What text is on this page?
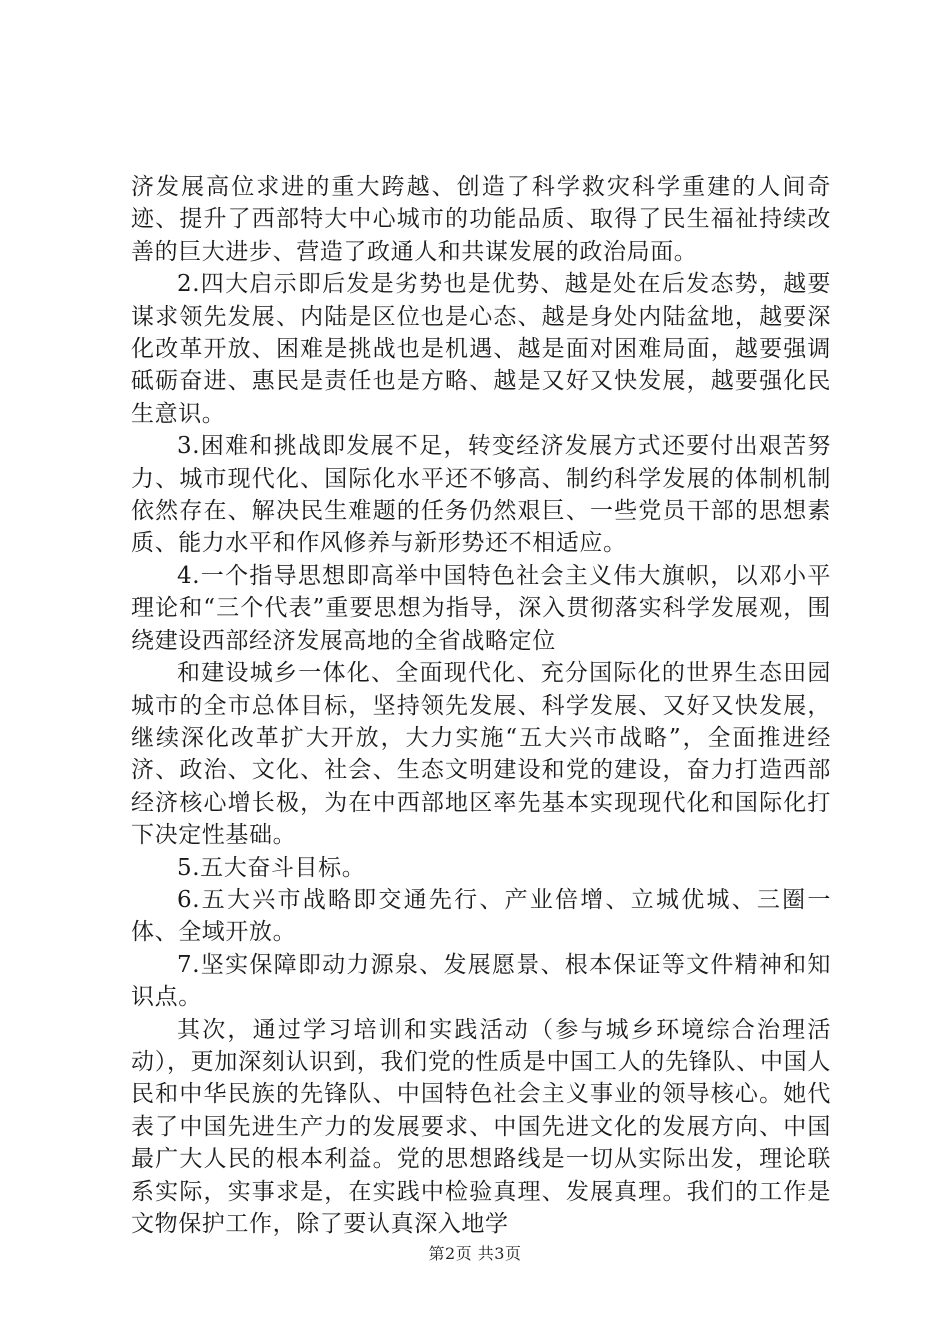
济发展高位求进的重大跨越、创造了科学救灾科学重建的人间奇迹、提升了西部特大中心城市的功能品质、取得了民生福祉持续改善的巨大进步、营造了政通人和共谋发展的政治局面。

2.四大启示即后发是劣势也是优势、越是处在后发态势，越要谋求领先发展、内陆是区位也是心态、越是身处内陆盆地，越要深化改革开放、困难是挑战也是机遇、越是面对困难局面，越要强调砥砺奋进、惠民是责任也是方略、越是又好又快发展，越要强化民生意识。

3.困难和挑战即发展不足，转变经济发展方式还要付出艰苦努力、城市现代化、国际化水平还不够高、制约科学发展的体制机制依然存在、解决民生难题的任务仍然艰巨、一些党员干部的思想素质、能力水平和作风修养与新形势还不相适应。

4.一个指导思想即高举中国特色社会主义伟大旗帜，以邓小平理论和“三个代表”重要思想为指导，深入贯彻落实科学发展观，围绕建设西部经济发展高地的全省战略定位

和建设城乡一体化、全面现代化、充分国际化的世界生态田园城市的全市总体目标，坚持领先发展、科学发展、又好又快发展，继续深化改革扩大开放，大力实施“五大兴市战略”，全面推进经济、政治、文化、社会、生态文明建设和党的建设，奋力打造西部经济核心增长极，为在中西部地区率先基本实现现代化和国际化打下决定性基础。

5.五大奋斗目标。

6.五大兴市战略即交通先行、产业倍增、立城优城、三圈一体、全域开放。

7.坚实保障即动力源泉、发展愿景、根本保证等文件精神和知识点。

其次，通过学习培训和实践活动（参与城乡环境综合治理活动），更加深刻认识到，我们党的性质是中国工人的先锋队、中国人民和中华民族的先锋队、中国特色社会主义事业的领导核心。她代表了中国先进生产力的发展要求、中国先进文化的发展方向、中国最广大人民的根本利益。党的思想路线是一切从实际出发，理论联系实际，实事求是，在实践中检验真理、发展真理。我们的工作是文物保护工作，除了要认真深入地学

第2页 共3页
